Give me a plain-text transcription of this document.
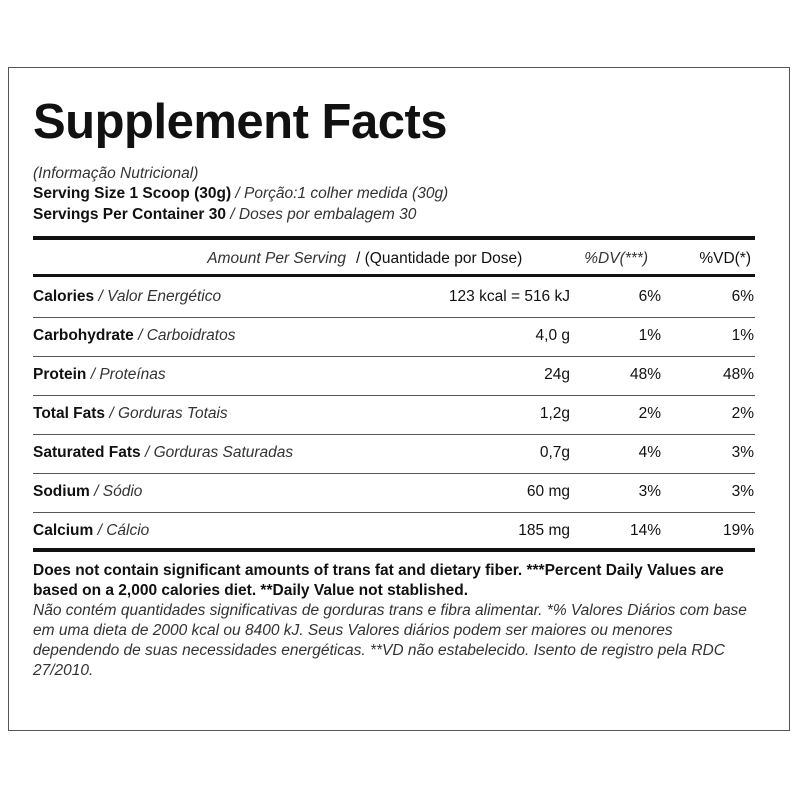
Supplement Facts
(Informação Nutricional)
Serving Size 1 Scoop (30g) / Porção:1 colher medida (30g)
Servings Per Container 30 / Doses por embalagem 30
Amount Per Serving / (Quantidade por Dose)	%DV(***)	%VD(*)
Calories / Valor Energético	123 kcal = 516 kJ	6%	6%
Carbohydrate / Carboidratos	4,0 g	1%	1%
Protein / Proteínas	24g	48%	48%
Total Fats / Gorduras Totais	1,2g	2%	2%
Saturated Fats / Gorduras Saturadas	0,7g	4%	3%
Sodium / Sódio	60 mg	3%	3%
Calcium / Cálcio	185 mg	14%	19%
Does not contain significant amounts of trans fat and dietary fiber. ***Percent Daily Values are based on a 2,000 calories diet. **Daily Value not stablished.
Não contém quantidades significativas de gorduras trans e fibra alimentar. *% Valores Diários com base em uma dieta de 2000 kcal ou 8400 kJ. Seus Valores diários podem ser maiores ou menores dependendo de suas necessidades energéticas. **VD não estabelecido. Isento de registro pela RDC 27/2010.
